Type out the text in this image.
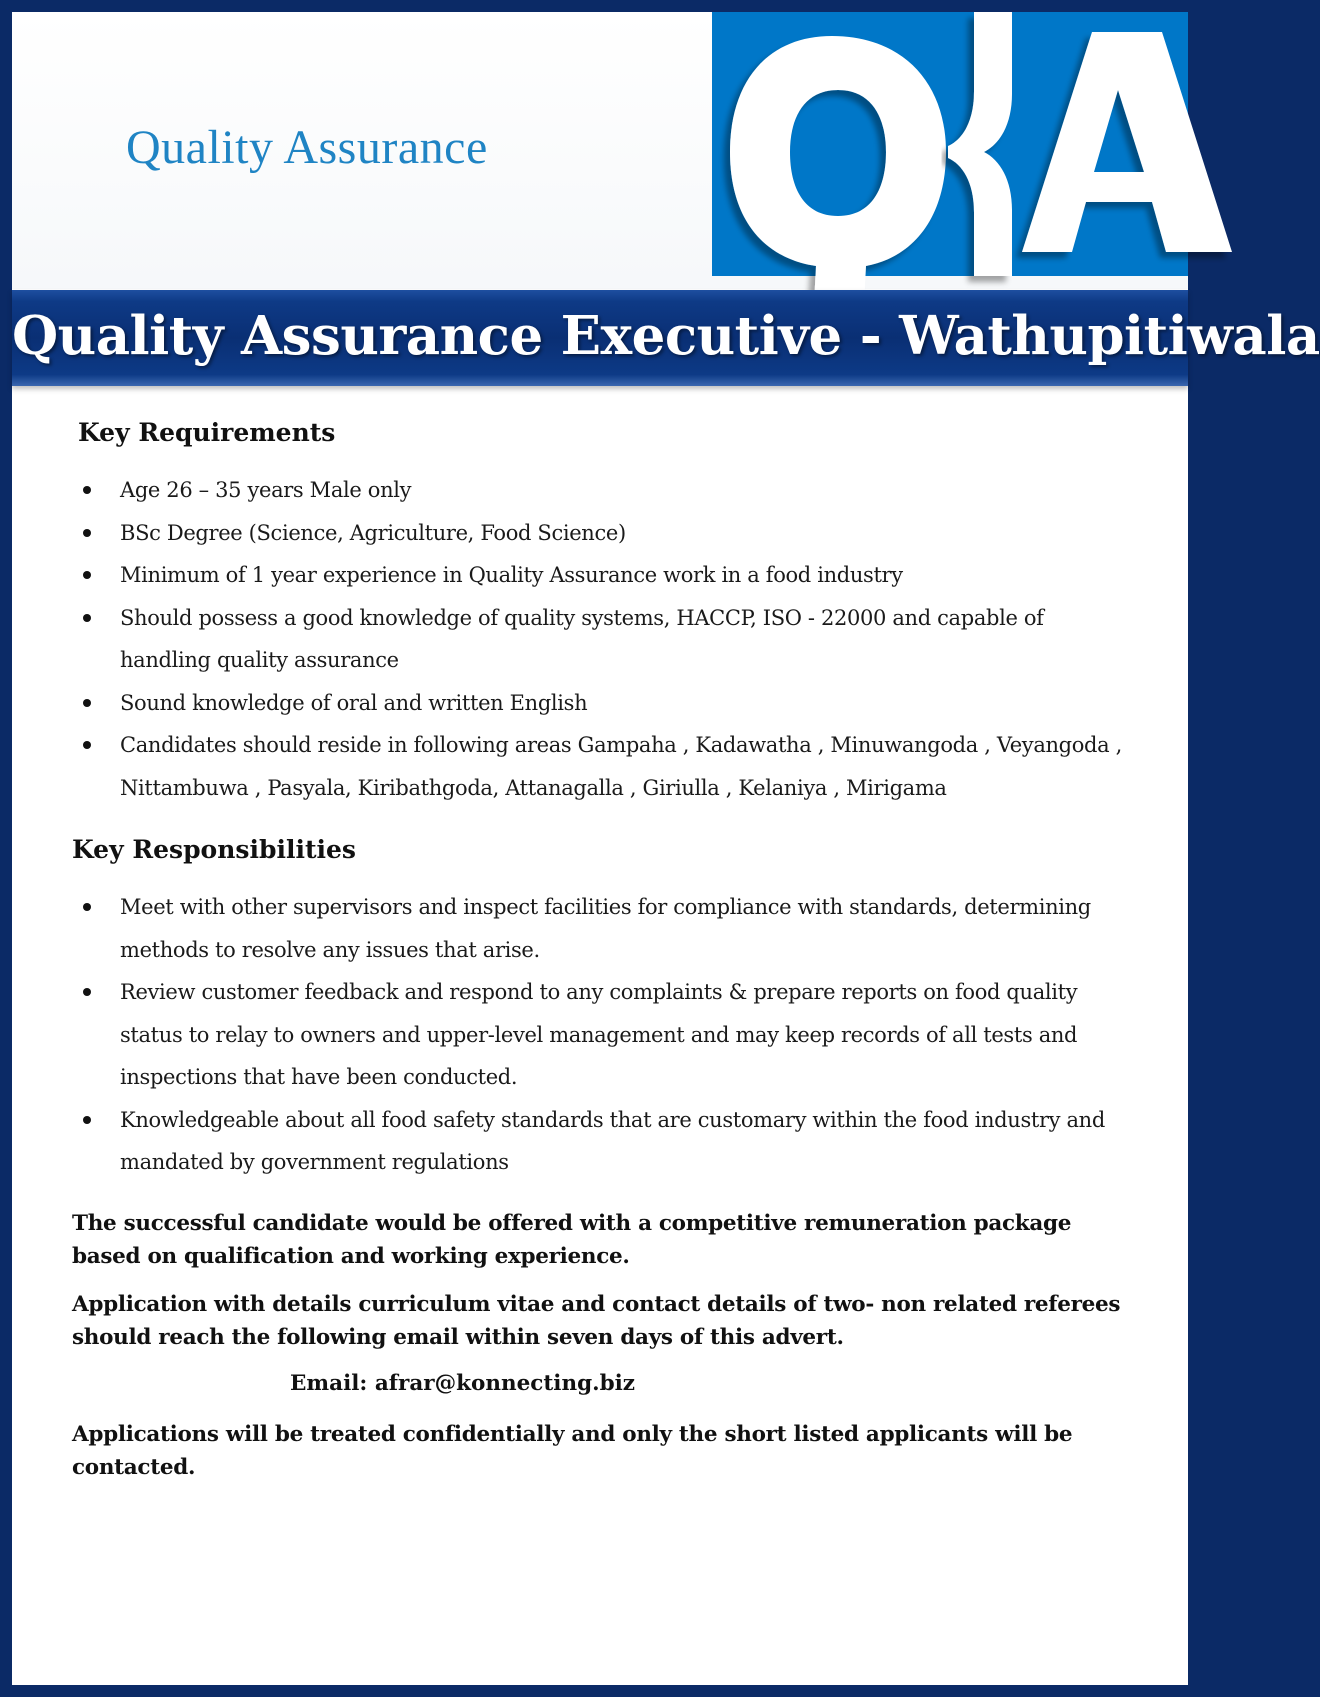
Quality Assurance
Quality Assurance Executive - Wathupitiwala
Key Requirements
Age 26 – 35 years Male only
BSc Degree (Science, Agriculture, Food Science)
Minimum of 1 year experience in Quality Assurance work in a food industry
Should possess a good knowledge of quality systems, HACCP, ISO - 22000 and capable of handling quality assurance
Sound knowledge of oral and written English
Candidates should reside in following areas Gampaha , Kadawatha , Minuwangoda , Veyangoda , Nittambuwa , Pasyala, Kiribathgoda, Attanagalla , Giriulla , Kelaniya , Mirigama
Key Responsibilities
Meet with other supervisors and inspect facilities for compliance with standards, determining methods to resolve any issues that arise.
Review customer feedback and respond to any complaints & prepare reports on food quality status to relay to owners and upper-level management and may keep records of all tests and inspections that have been conducted.
Knowledgeable about all food safety standards that are customary within the food industry and mandated by government regulations

The successful candidate would be offered with a competitive remuneration package based on qualification and working experience.

Application with details curriculum vitae and contact details of two- non related referees should reach the following email within seven days of this advert.

Email: afrar@konnecting.biz

Applications will be treated confidentially and only the short listed applicants will be contacted.
